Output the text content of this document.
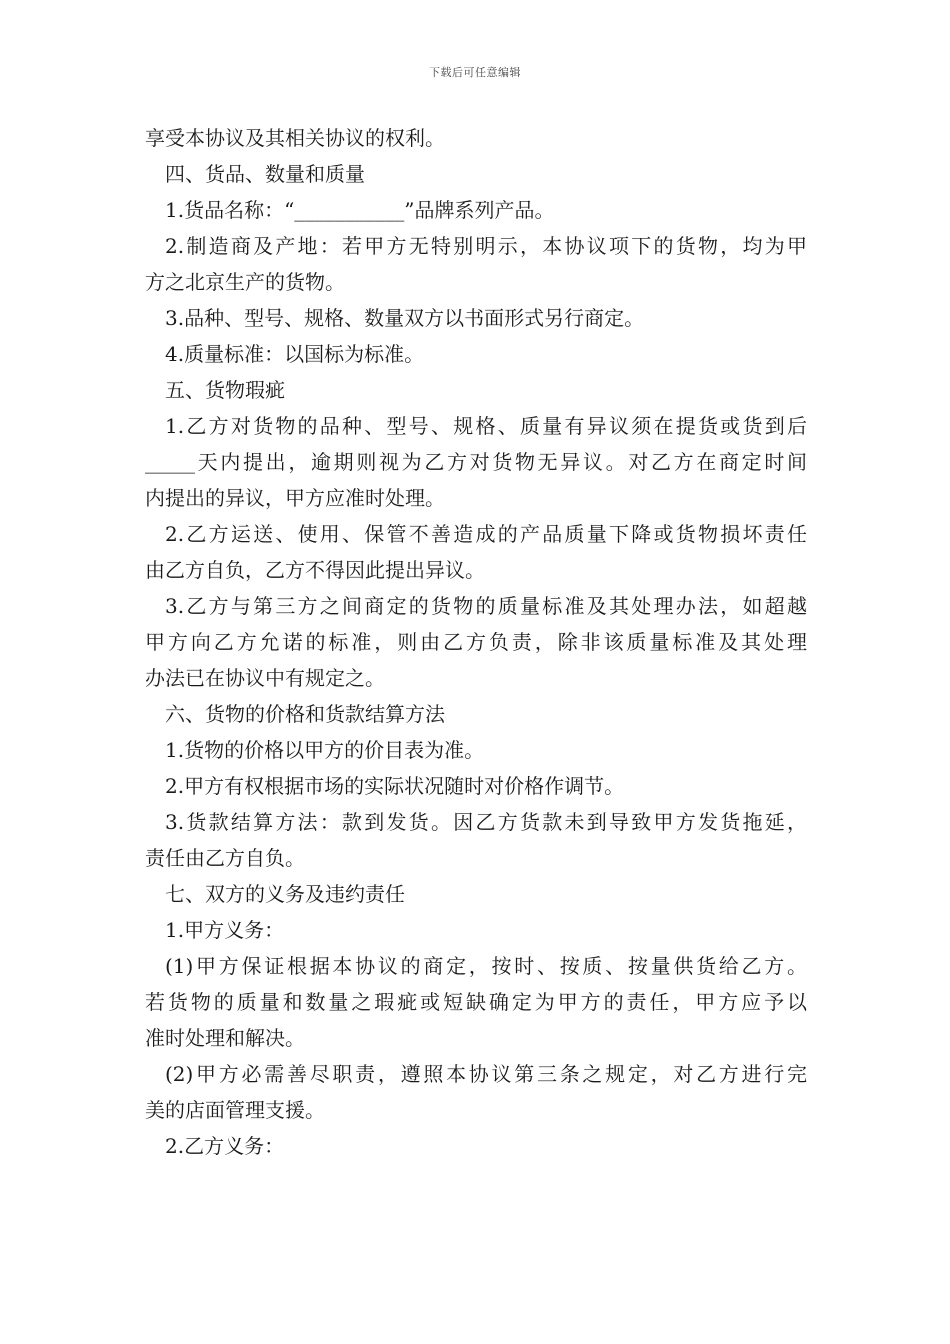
下载后可任意编辑
享受本协议及其相关协议的权利。
四、货品、数量和质量
1.货品名称：“___________”品牌系列产品。
2.制造商及产地：若甲方无特别明示，本协议项下的货物，均为甲
方之北京生产的货物。
3.品种、型号、规格、数量双方以书面形式另行商定。
4.质量标准：以国标为标准。
五、货物瑕疵
1.乙方对货物的品种、型号、规格、质量有异议须在提货或货到后
_____天内提出，逾期则视为乙方对货物无异议。对乙方在商定时间
内提出的异议，甲方应准时处理。
2.乙方运送、使用、保管不善造成的产品质量下降或货物损坏责任
由乙方自负，乙方不得因此提出异议。
3.乙方与第三方之间商定的货物的质量标准及其处理办法，如超越
甲方向乙方允诺的标准，则由乙方负责，除非该质量标准及其处理
办法已在协议中有规定之。
六、货物的价格和货款结算方法
1.货物的价格以甲方的价目表为准。
2.甲方有权根据市场的实际状况随时对价格作调节。
3.货款结算方法：款到发货。因乙方货款未到导致甲方发货拖延，
责任由乙方自负。
七、双方的义务及违约责任
1.甲方义务：
(1)甲方保证根据本协议的商定，按时、按质、按量供货给乙方。
若货物的质量和数量之瑕疵或短缺确定为甲方的责任，甲方应予以
准时处理和解决。
(2)甲方必需善尽职责，遵照本协议第三条之规定，对乙方进行完
美的店面管理支援。
2.乙方义务：
